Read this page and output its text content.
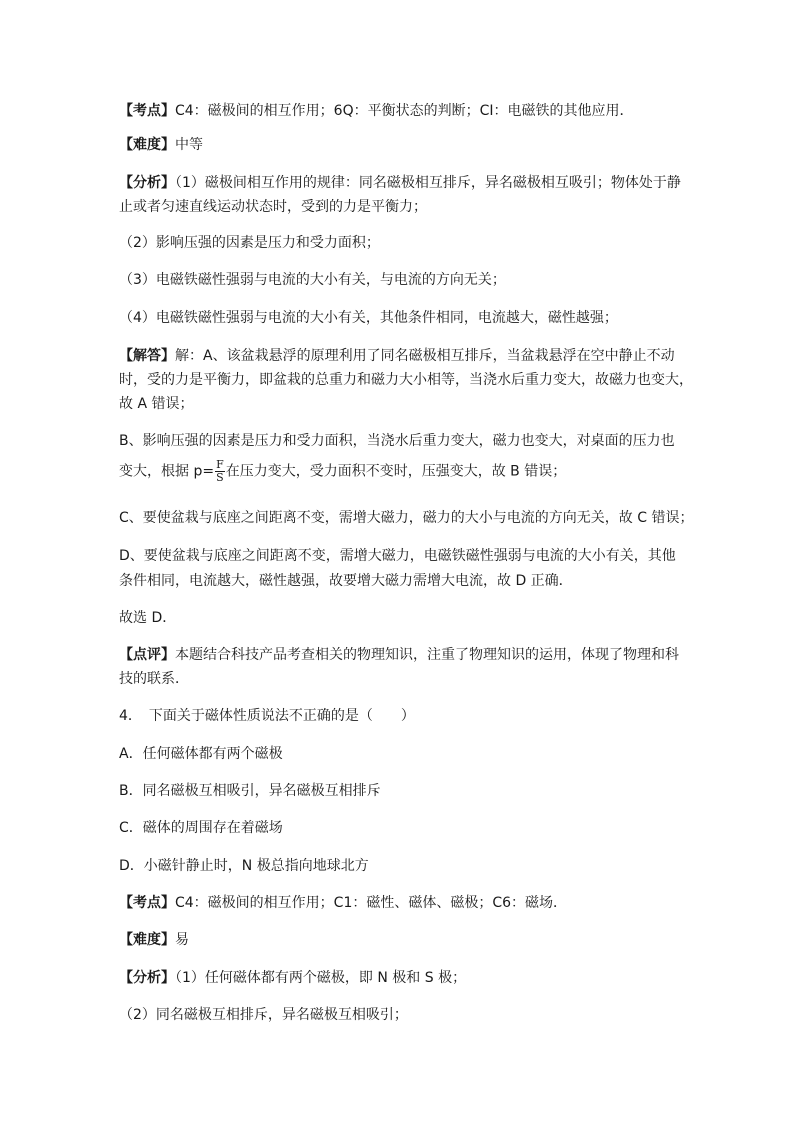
【考点】C4：磁极间的相互作用；6Q：平衡状态的判断；CI：电磁铁的其他应用．
【难度】中等
【分析】（1）磁极间相互作用的规律：同名磁极相互排斥，异名磁极相互吸引；物体处于静
止或者匀速直线运动状态时，受到的力是平衡力；
（2）影响压强的因素是压力和受力面积；
（3）电磁铁磁性强弱与电流的大小有关，与电流的方向无关；
（4）电磁铁磁性强弱与电流的大小有关，其他条件相同，电流越大，磁性越强；
【解答】解：A、该盆栽悬浮的原理利用了同名磁极相互排斥，当盆栽悬浮在空中静止不动
时，受的力是平衡力，即盆栽的总重力和磁力大小相等，当浇水后重力变大，故磁力也变大，
故 A 错误；
B、影响压强的因素是压力和受力面积，当浇水后重力变大，磁力也变大，对桌面的压力也
变大，根据 $p= \frac{F}{S}$ 在压力变大，受力面积不变时，压强变大，故 B 错误；
C、要使盆栽与底座之间距离不变，需增大磁力，磁力的大小与电流的方向无关，故 C 错误；
D、要使盆栽与底座之间距离不变，需增大磁力，电磁铁磁性强弱与电流的大小有关，其他
条件相同，电流越大，磁性越强，故要增大磁力需增大电流，故 D 正确．
故选 D．
【点评】本题结合科技产品考查相关的物理知识，注重了物理知识的运用，体现了物理和科
技的联系．
4．　下面关于磁体性质说法不正确的是（　　）
A．任何磁体都有两个磁极
B．同名磁极互相吸引，异名磁极互相排斥
C．磁体的周围存在着磁场
D．小磁针静止时，N 极总指向地球北方
【考点】C4：磁极间的相互作用；C1：磁性、磁体、磁极；C6：磁场．
【难度】易
【分析】（1）任何磁体都有两个磁极，即 N 极和 S 极；
（2）同名磁极互相排斥，异名磁极互相吸引；
